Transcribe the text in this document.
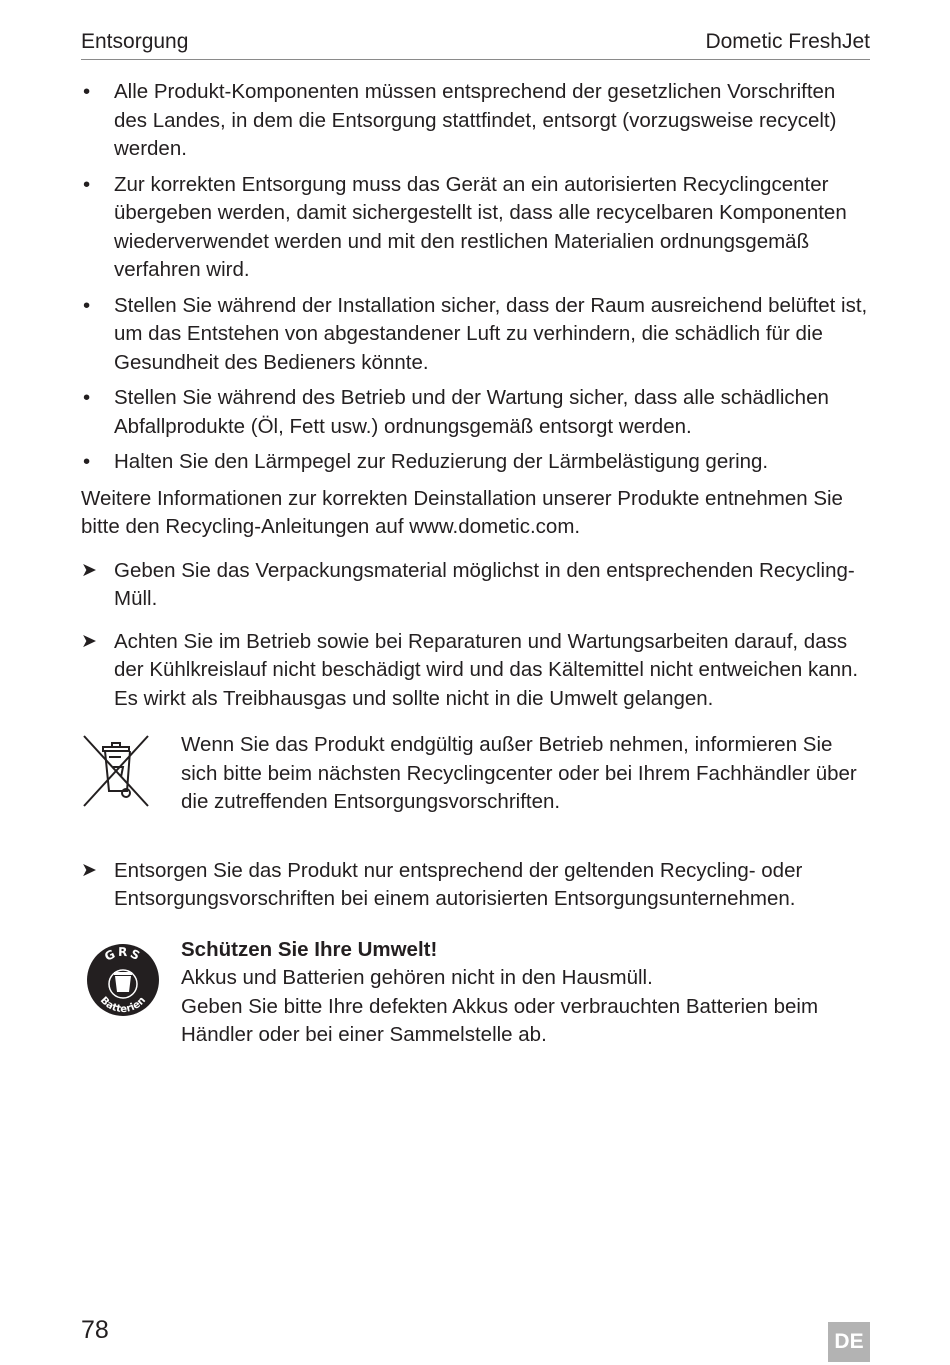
Entsorgung	Dometic FreshJet
• Alle Produkt-Komponenten müssen entsprechend der gesetzlichen Vorschriften des Landes, in dem die Entsorgung stattfindet, entsorgt (vorzugsweise recycelt) werden.
• Zur korrekten Entsorgung muss das Gerät an ein autorisierten Recyclingcenter übergeben werden, damit sichergestellt ist, dass alle recycelbaren Komponenten wiederverwendet werden und mit den restlichen Materialien ordnungsgemäß verfahren wird.
• Stellen Sie während der Installation sicher, dass der Raum ausreichend belüftet ist, um das Entstehen von abgestandener Luft zu verhindern, die schädlich für die Gesundheit des Bedieners könnte.
• Stellen Sie während des Betrieb und der Wartung sicher, dass alle schädlichen Abfallprodukte (Öl, Fett usw.) ordnungsgemäß entsorgt werden.
• Halten Sie den Lärmpegel zur Reduzierung der Lärmbelästigung gering.

Weitere Informationen zur korrekten Deinstallation unserer Produkte entnehmen Sie bitte den Recycling-Anleitungen auf www.dometic.com.

➤ Geben Sie das Verpackungsmaterial möglichst in den entsprechenden Recycling-Müll.
➤ Achten Sie im Betrieb sowie bei Reparaturen und Wartungsarbeiten darauf, dass der Kühlkreislauf nicht beschädigt wird und das Kältemittel nicht entweichen kann. Es wirkt als Treibhausgas und sollte nicht in die Umwelt gelangen.
Wenn Sie das Produkt endgültig außer Betrieb nehmen, informieren Sie sich bitte beim nächsten Recyclingcenter oder bei Ihrem Fachhändler über die zutreffenden Entsorgungsvorschriften.
➤ Entsorgen Sie das Produkt nur entsprechend der geltenden Recycling- oder Entsorgungsvorschriften bei einem autorisierten Entsorgungsunternehmen.
GRS
Batterien
Schützen Sie Ihre Umwelt!
Akkus und Batterien gehören nicht in den Hausmüll.
Geben Sie bitte Ihre defekten Akkus oder verbrauchten Batterien beim Händler oder bei einer Sammelstelle ab.
78	DE
